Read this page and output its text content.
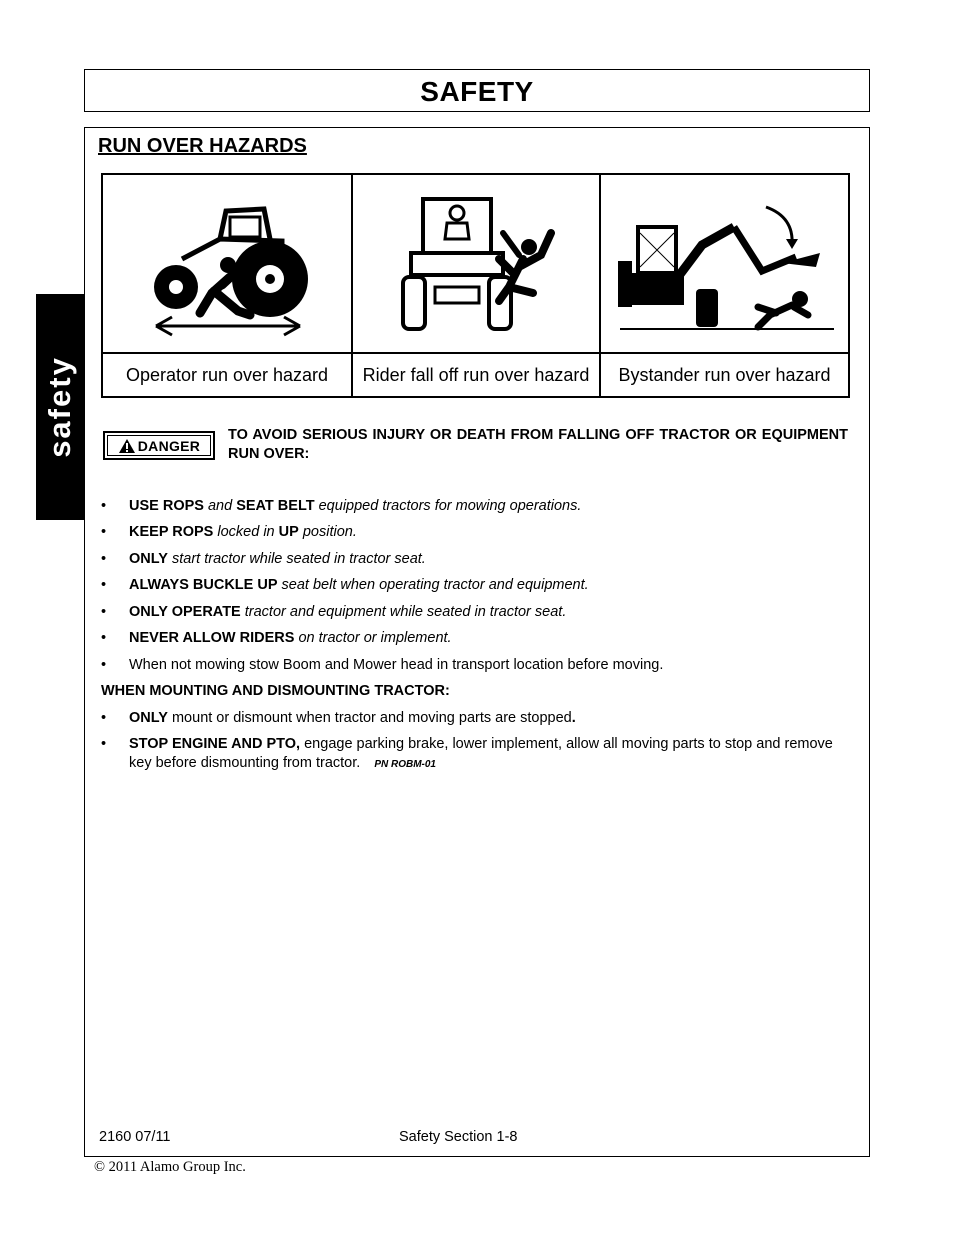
SAFETY
safety
RUN OVER HAZARDS
Operator run over hazard	Rider fall off run over hazard	Bystander run over hazard
DANGER

TO AVOID SERIOUS INJURY OR DEATH FROM FALLING OFF TRACTOR OR EQUIPMENT RUN OVER:

• USE ROPS and SEAT BELT equipped tractors for mowing operations.
• KEEP ROPS locked in UP position.
• ONLY start tractor while seated in tractor seat.
• ALWAYS BUCKLE UP seat belt when operating tractor and equipment.
• ONLY OPERATE tractor and equipment while seated in tractor seat.
• NEVER ALLOW RIDERS on tractor or implement.
• When not mowing stow Boom and Mower head in transport location before moving.
WHEN MOUNTING AND DISMOUNTING TRACTOR:
• ONLY mount or dismount when tractor and moving parts are stopped.
• STOP ENGINE AND PTO, engage parking brake, lower implement, allow all moving parts to stop and remove key before dismounting from tractor. PN ROBM-01
2160 07/11	Safety Section 1-8
© 2011 Alamo Group Inc.
